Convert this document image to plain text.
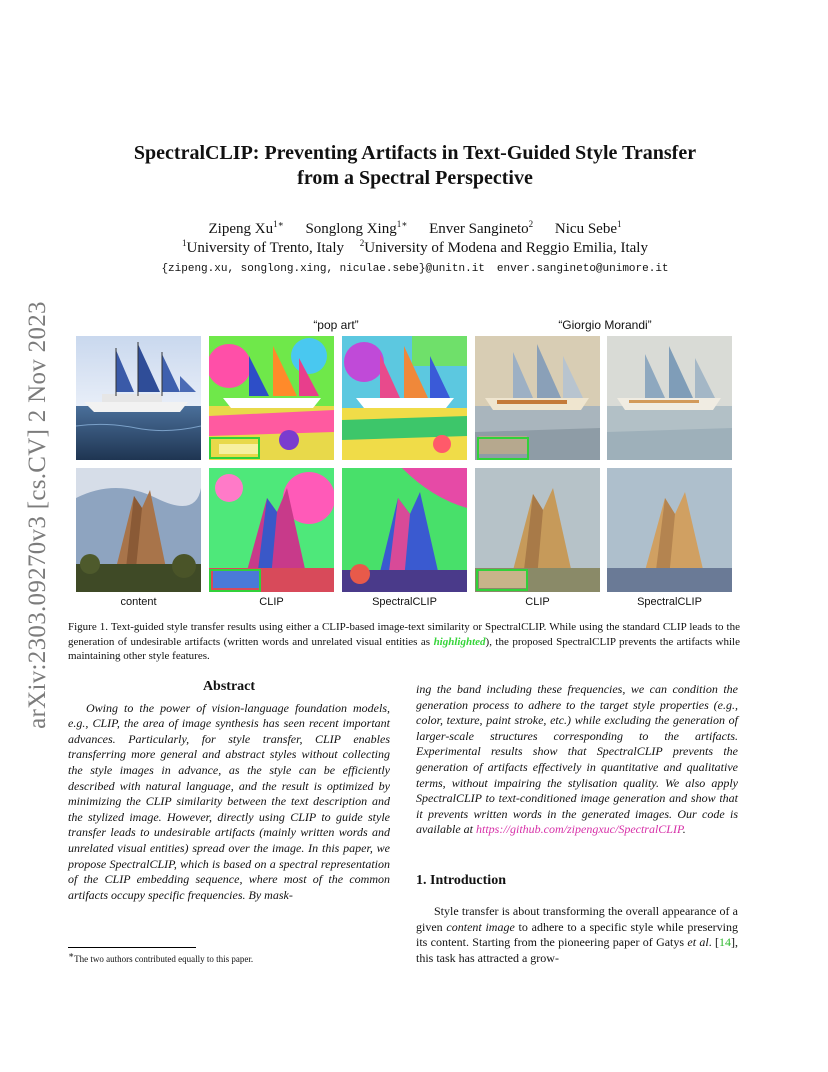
arXiv:2303.09270v3 [cs.CV] 2 Nov 2023
SpectralCLIP: Preventing Artifacts in Text-Guided Style Transfer
from a Spectral Perspective
Zipeng $Xu^{1∗}$ Songlong Xing$^{1∗}$ Enver Sangineto$^2$ Nicu Sebe$^1$
$^1$University of Trento, Italy $^2$University of Modena and Reggio Emilia, Italy
{zipeng.xu, songlong.xing, niculae.sebe}@unitn.it enver.sangineto@unimore.it
“pop art”	“Giorgio Morandi”
content	CLIP	SpectralCLIP	CLIP	SpectralCLIP
Figure 1. Text-guided style transfer results using either a CLIP-based image-text similarity or SpectralCLIP. While using the standard CLIP leads to the generation of undesirable artifacts (written words and unrelated visual entities as highlighted), the proposed SpectralCLIP prevents the artifacts while maintaining other style features.
Abstract
Owing to the power of vision-language foundation models, e.g., CLIP, the area of image synthesis has seen recent important advances. Particularly, for style transfer, CLIP enables transferring more general and abstract styles without collecting the style images in advance, as the style can be efficiently described with natural language, and the result is optimized by minimizing the CLIP similarity between the text description and the stylized image. However, directly using CLIP to guide style transfer leads to undesirable artifacts (mainly written words and unrelated visual entities) spread over the image. In this paper, we propose SpectralCLIP, which is based on a spectral representation of the CLIP embedding sequence, where most of the common artifacts occupy specific frequencies. By mask-
ing the band including these frequencies, we can condition the generation process to adhere to the target style properties (e.g., color, texture, paint stroke, etc.) while excluding the generation of larger-scale structures corresponding to the artifacts. Experimental results show that SpectralCLIP prevents the generation of artifacts effectively in quantitative and qualitative terms, without impairing the stylisation quality. We also apply SpectralCLIP to text-conditioned image generation and show that it prevents written words in the generated images. Our code is available at https://github.com/zipengxuc/SpectralCLIP.
1. Introduction
Style transfer is about transforming the overall appearance of a given content image to adhere to a specific style while preserving its content. Starting from the pioneering paper of Gatys et al. [14], this task has attracted a grow-
∗The two authors contributed equally to this paper.
